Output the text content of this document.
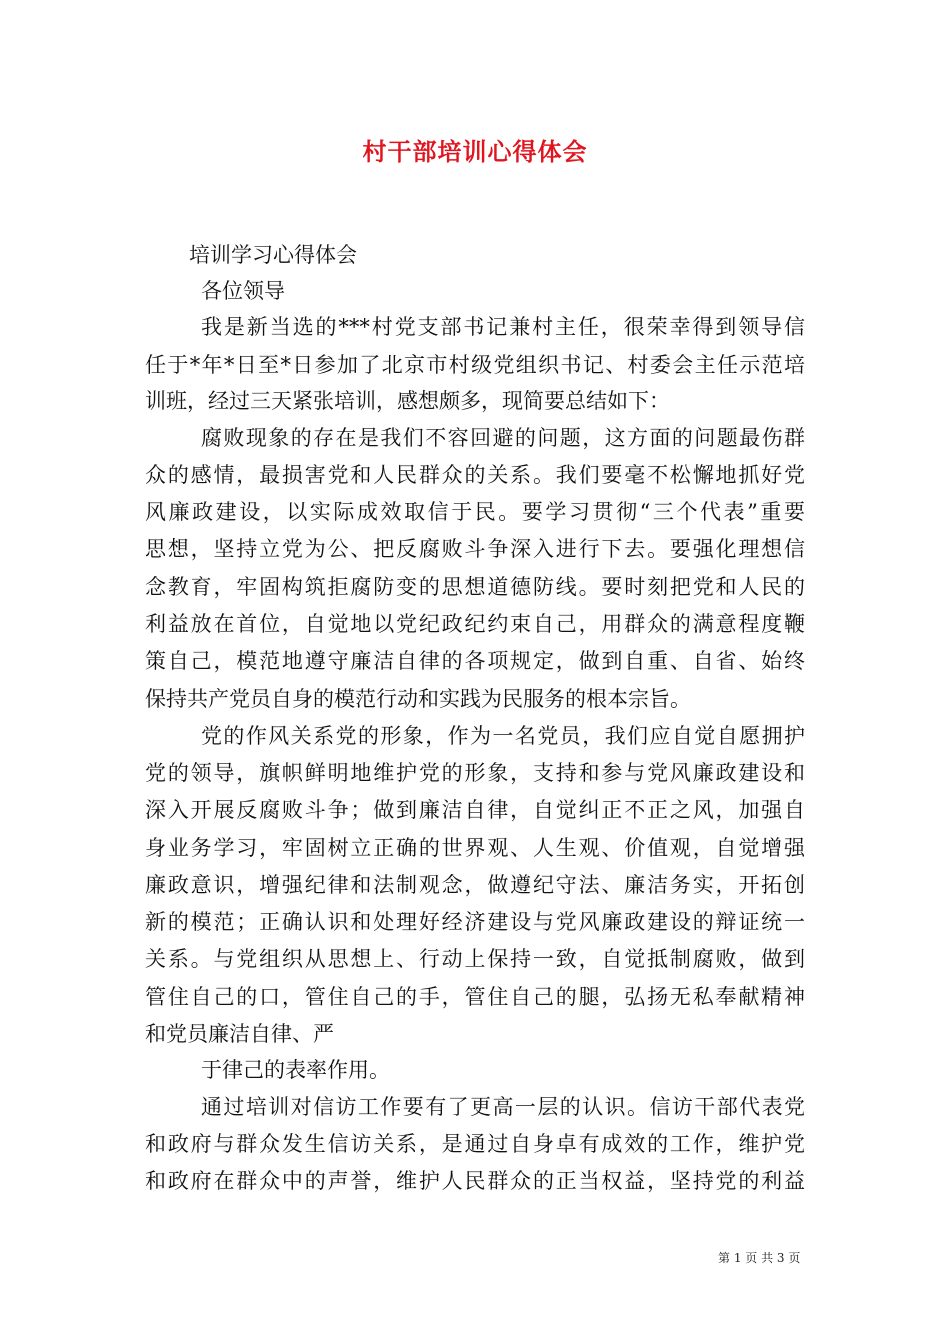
村干部培训心得体会
培训学习心得体会
各位领导
我是新当选的***村党支部书记兼村主任，很荣幸得到领导信
任于*年*日至*日参加了北京市村级党组织书记、村委会主任示范培
训班，经过三天紧张培训，感想颇多，现简要总结如下：
腐败现象的存在是我们不容回避的问题，这方面的问题最伤群
众的感情，最损害党和人民群众的关系。我们要毫不松懈地抓好党
风廉政建设，以实际成效取信于民。要学习贯彻“三个代表”重要
思想，坚持立党为公、把反腐败斗争深入进行下去。要强化理想信
念教育，牢固构筑拒腐防变的思想道德防线。要时刻把党和人民的
利益放在首位，自觉地以党纪政纪约束自己，用群众的满意程度鞭
策自己，模范地遵守廉洁自律的各项规定，做到自重、自省、始终
保持共产党员自身的模范行动和实践为民服务的根本宗旨。
党的作风关系党的形象，作为一名党员，我们应自觉自愿拥护
党的领导，旗帜鲜明地维护党的形象，支持和参与党风廉政建设和
深入开展反腐败斗争；做到廉洁自律，自觉纠正不正之风，加强自
身业务学习，牢固树立正确的世界观、人生观、价值观，自觉增强
廉政意识，增强纪律和法制观念，做遵纪守法、廉洁务实，开拓创
新的模范；正确认识和处理好经济建设与党风廉政建设的辩证统一
关系。与党组织从思想上、行动上保持一致，自觉抵制腐败，做到
管住自己的口，管住自己的手，管住自己的腿，弘扬无私奉献精神
和党员廉洁自律、严
于律己的表率作用。
通过培训对信访工作要有了更高一层的认识。信访干部代表党
和政府与群众发生信访关系，是通过自身卓有成效的工作，维护党
和政府在群众中的声誉，维护人民群众的正当权益，坚持党的利益
第 1 页 共 3 页
